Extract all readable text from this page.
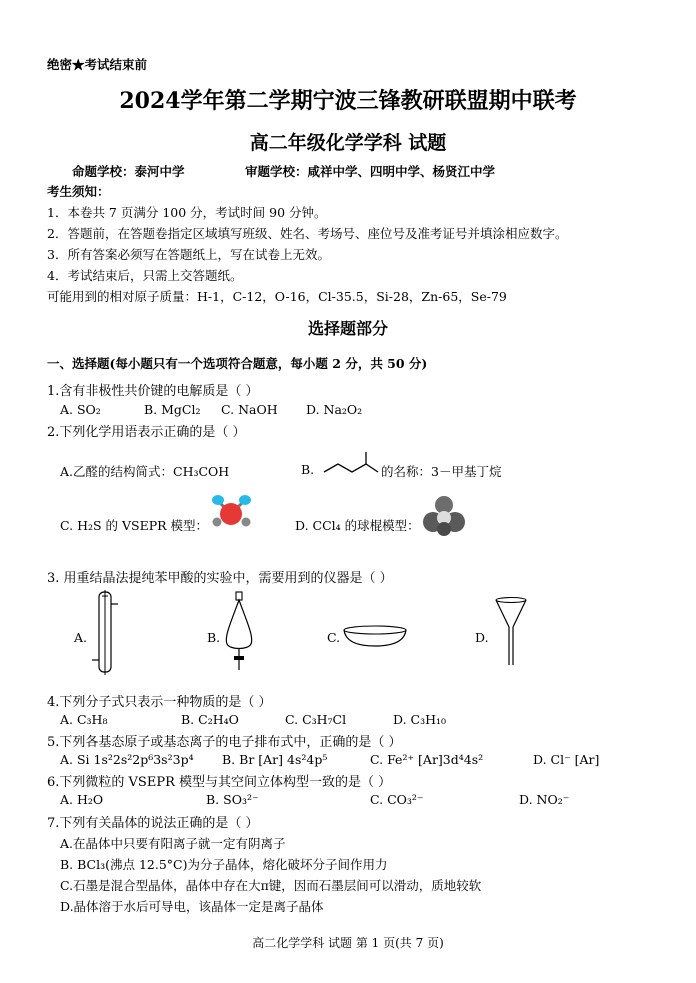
绝密★考试结束前
2024学年第二学期宁波三锋教研联盟期中联考
高二年级化学学科 试题
命题学校：泰河中学	审题学校：咸祥中学、四明中学、杨贤江中学
考生须知：
1．本卷共 7 页满分 100 分，考试时间 90 分钟。
2．答题前，在答题卷指定区域填写班级、姓名、考场号、座位号及准考证号并填涂相应数字。
3．所有答案必须写在答题纸上，写在试卷上无效。
4．考试结束后，只需上交答题纸。
可能用到的相对原子质量：H-1，C-12，O-16，Cl-35.5，Si-28，Zn-65，Se-79
选择题部分
一、选择题(每小题只有一个选项符合题意，每小题 2 分，共 50 分)
1.含有非极性共价键的电解质是（ ）
A. SO₂	B. MgCl₂ C. NaOH D. Na₂O₂
2.下列化学用语表示正确的是（ ）
A.乙醛的结构简式：CH₃COH	B.	的名称：3－甲基丁烷
C. H₂S 的 VSEPR 模型：	D. CCl₄ 的球棍模型：
3. 用重结晶法提纯苯甲酸的实验中，需要用到的仪器是（ ）
A.	B.	C.	D.
4.下列分子式只表示一种物质的是（ ）
A. C₃H₈	B. C₂H₄O	C. C₃H₇Cl	D. C₃H₁₀
5.下列各基态原子或基态离子的电子排布式中，正确的是（ ）
A. Si 1s²2s²2p⁶3s²3p⁴ B. Br [Ar] 4s²4p⁵	C. Fe²⁺ [Ar]3d⁴4s²	D. Cl⁻ [Ar]
6.下列微粒的 VSEPR 模型与其空间立体构型一致的是（ ）
A. H₂O	B. SO₃²⁻	C. CO₃²⁻	D. NO₂⁻
7.下列有关晶体的说法正确的是（ ）
A.在晶体中只要有阳离子就一定有阴离子
B. BCl₃(沸点 12.5°C)为分子晶体，熔化破坏分子间作用力
C.石墨是混合型晶体，晶体中存在大π键，因而石墨层间可以滑动，质地较软
D.晶体溶于水后可导电，该晶体一定是离子晶体
高二化学学科 试题 第 1 页(共 7 页)
